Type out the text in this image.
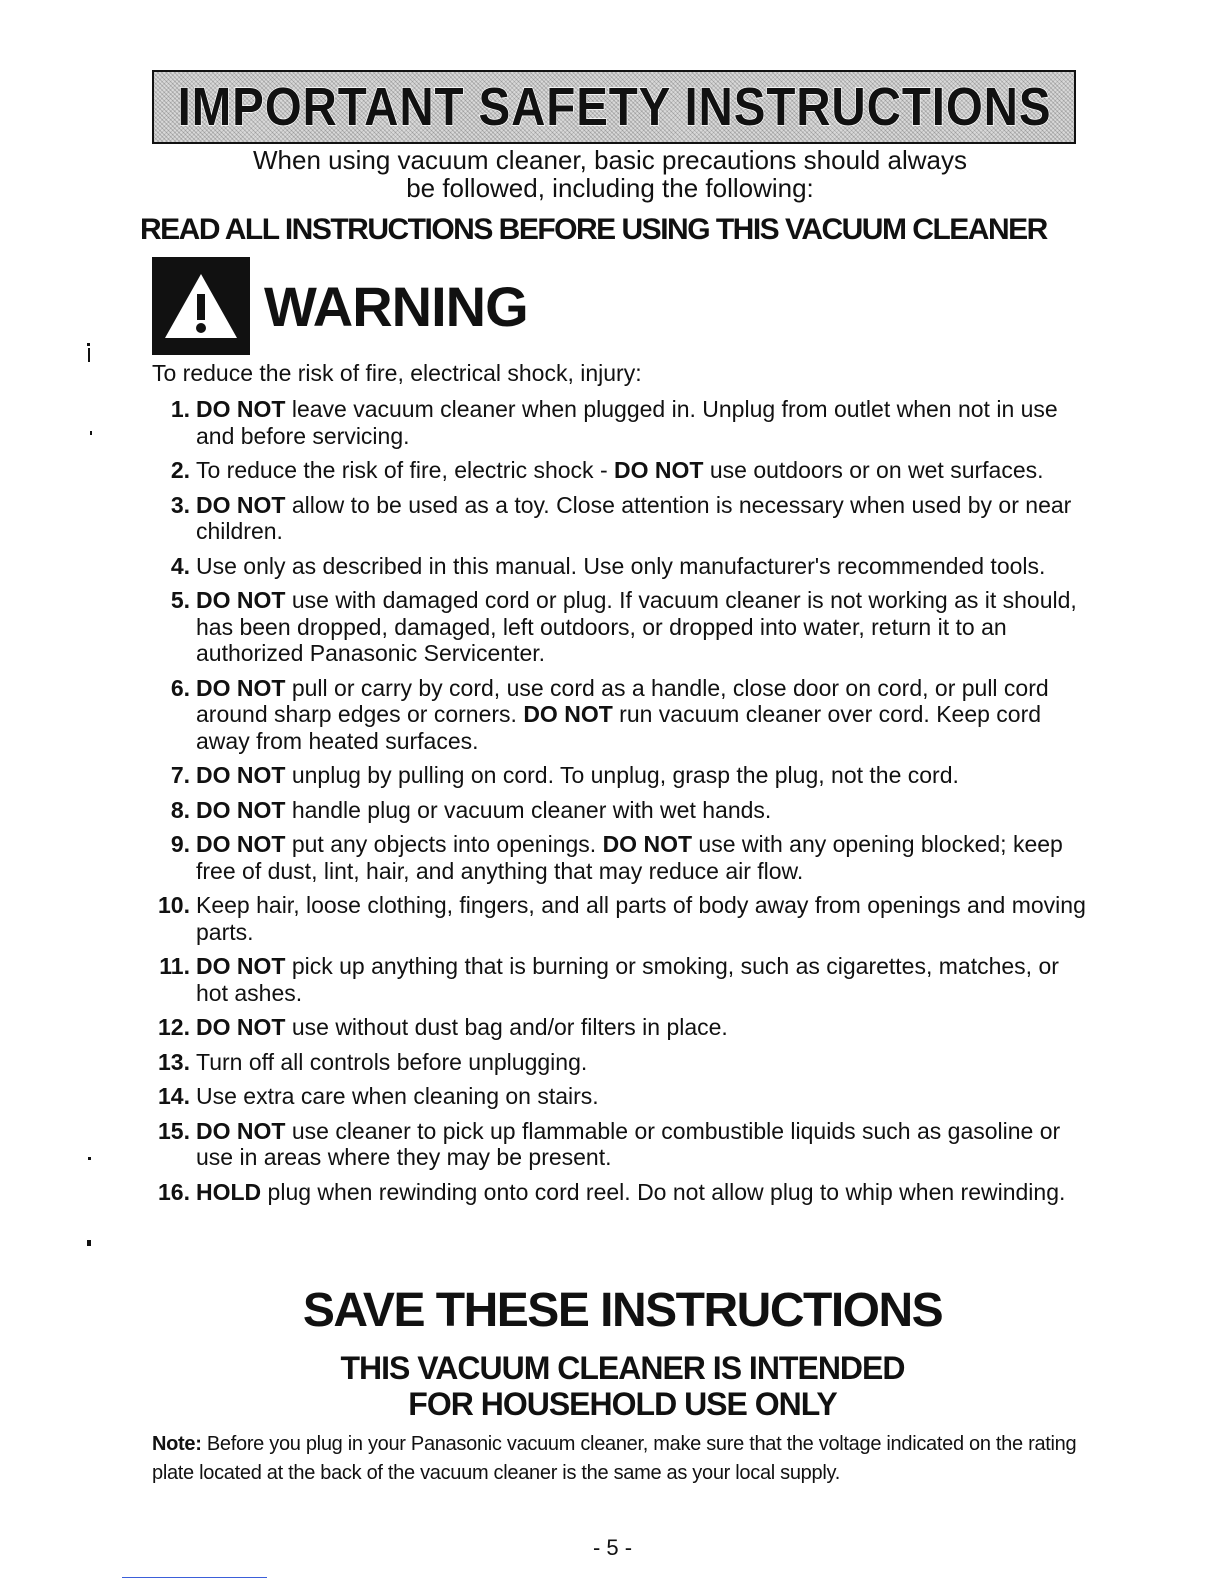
IMPORTANT SAFETY INSTRUCTIONS
When using vacuum cleaner, basic precautions should always
be followed, including the following:
READ ALL INSTRUCTIONS BEFORE USING THIS VACUUM CLEANER
WARNING
To reduce the risk of fire, electrical shock, injury:
1. DO NOT leave vacuum cleaner when plugged in. Unplug from outlet when not in use and before servicing.
2. To reduce the risk of fire, electric shock - DO NOT use outdoors or on wet surfaces.
3. DO NOT allow to be used as a toy. Close attention is necessary when used by or near children.
4. Use only as described in this manual. Use only manufacturer's recommended tools.
5. DO NOT use with damaged cord or plug. If vacuum cleaner is not working as it should, has been dropped, damaged, left outdoors, or dropped into water, return it to an authorized Panasonic Servicenter.
6. DO NOT pull or carry by cord, use cord as a handle, close door on cord, or pull cord around sharp edges or corners. DO NOT run vacuum cleaner over cord. Keep cord away from heated surfaces.
7. DO NOT unplug by pulling on cord. To unplug, grasp the plug, not the cord.
8. DO NOT handle plug or vacuum cleaner with wet hands.
9. DO NOT put any objects into openings. DO NOT use with any opening blocked; keep free of dust, lint, hair, and anything that may reduce air flow.
10. Keep hair, loose clothing, fingers, and all parts of body away from openings and moving parts.
11. DO NOT pick up anything that is burning or smoking, such as cigarettes, matches, or hot ashes.
12. DO NOT use without dust bag and/or filters in place.
13. Turn off all controls before unplugging.
14. Use extra care when cleaning on stairs.
15. DO NOT use cleaner to pick up flammable or combustible liquids such as gasoline or use in areas where they may be present.
16. HOLD plug when rewinding onto cord reel. Do not allow plug to whip when rewinding.
SAVE THESE INSTRUCTIONS
THIS VACUUM CLEANER IS INTENDED
FOR HOUSEHOLD USE ONLY
Note: Before you plug in your Panasonic vacuum cleaner, make sure that the voltage indicated on the rating plate located at the back of the vacuum cleaner is the same as your local supply.
- 5 -
